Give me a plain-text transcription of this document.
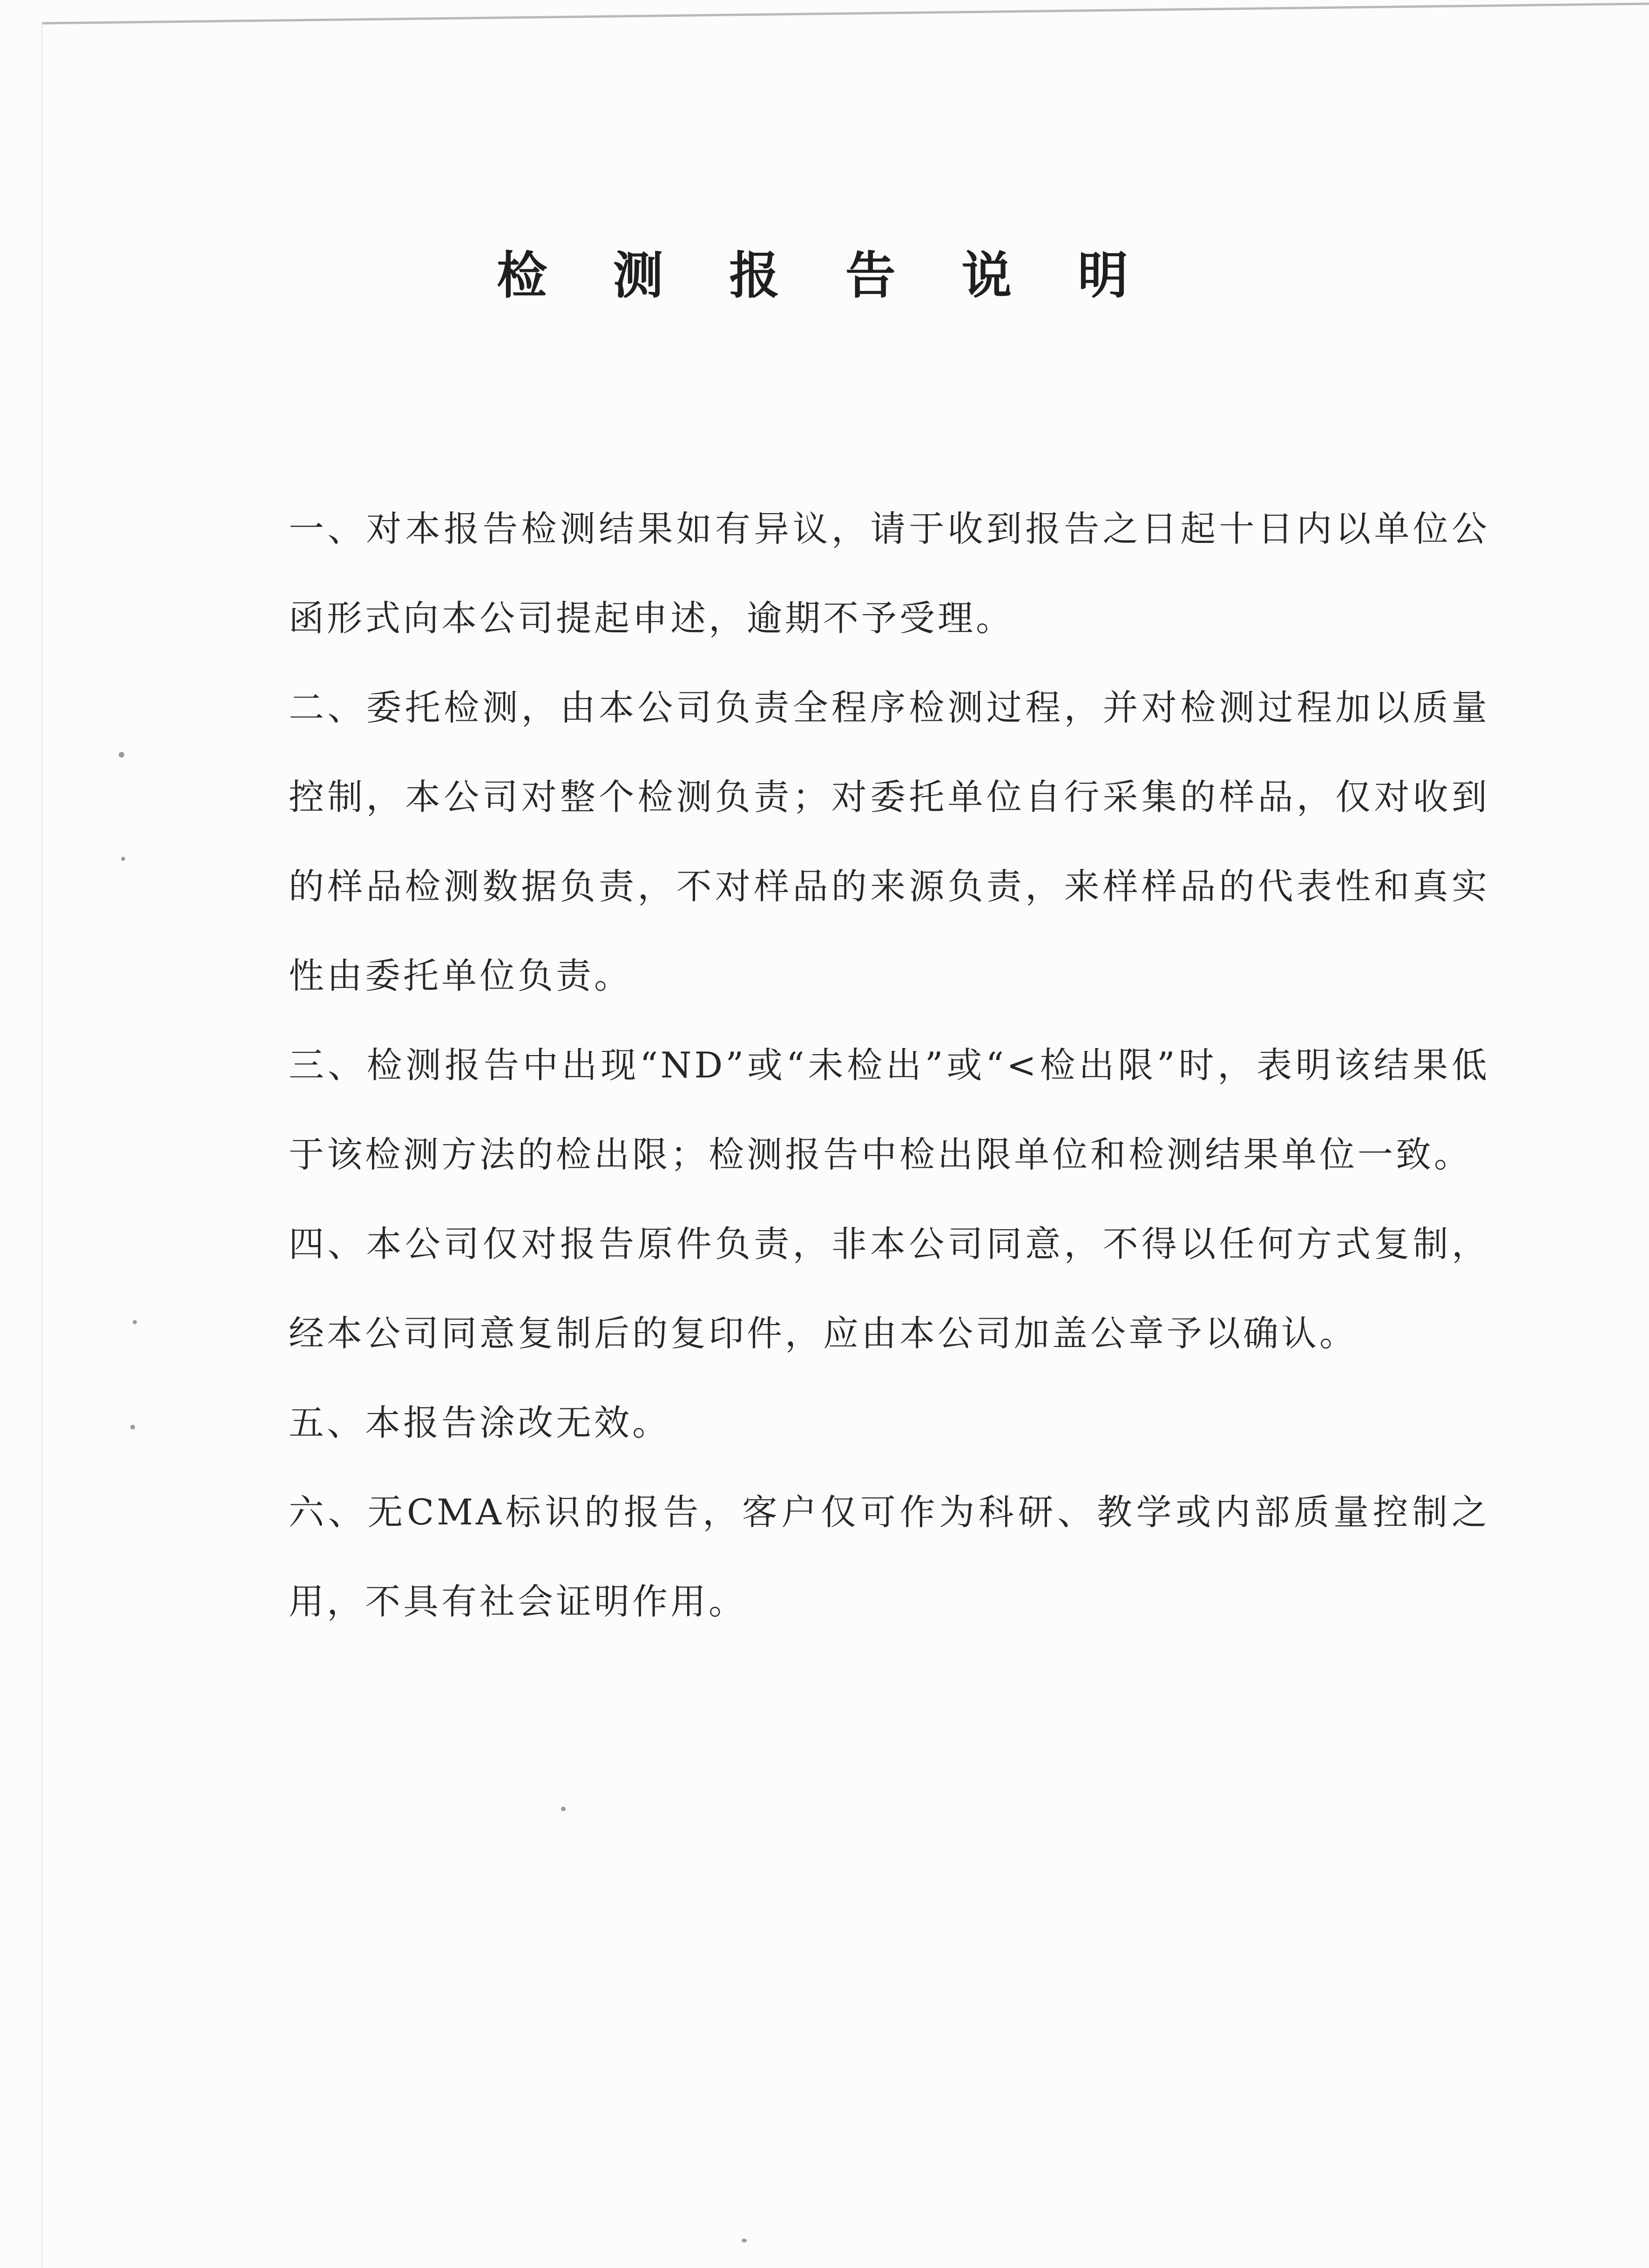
检 测 报 告 说 明

一、对本报告检测结果如有异议，请于收到报告之日起十日内以单位公函形式向本公司提起申述，逾期不予受理。

二、委托检测，由本公司负责全程序检测过程，并对检测过程加以质量控制，本公司对整个检测负责；对委托单位自行采集的样品，仅对收到的样品检测数据负责，不对样品的来源负责，来样样品的代表性和真实性由委托单位负责。

三、检测报告中出现“ND”或“未检出”或“<检出限”时，表明该结果低于该检测方法的检出限；检测报告中检出限单位和检测结果单位一致。

四、本公司仅对报告原件负责，非本公司同意，不得以任何方式复制，经本公司同意复制后的复印件，应由本公司加盖公章予以确认。

五、本报告涂改无效。

六、无CMA标识的报告，客户仅可作为科研、教学或内部质量控制之用，不具有社会证明作用。
